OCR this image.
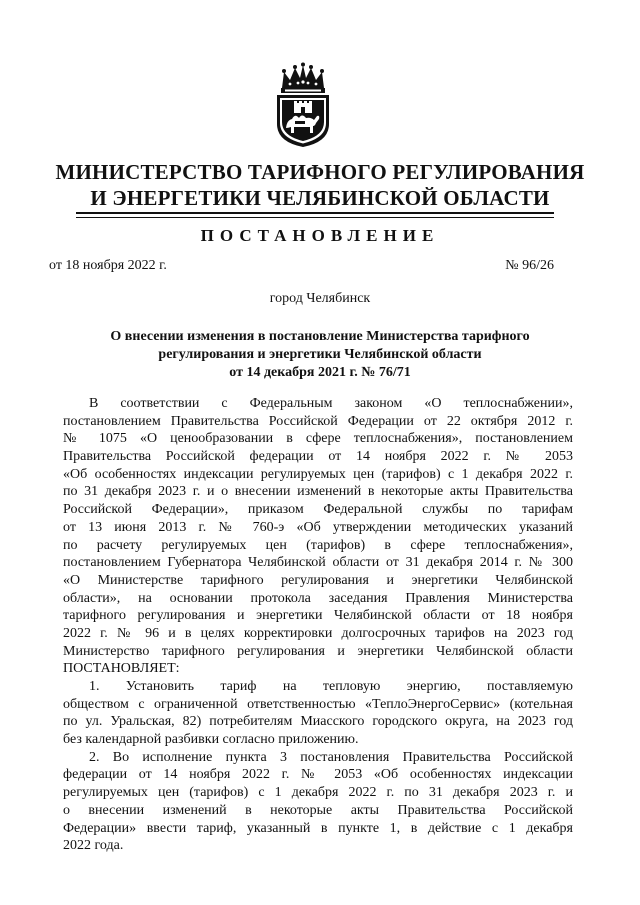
МИНИСТЕРСТВО ТАРИФНОГО РЕГУЛИРОВАНИЯ
И ЭНЕРГЕТИКИ ЧЕЛЯБИНСКОЙ ОБЛАСТИ
ПОСТАНОВЛЕНИЕ
от 18 ноября 2022 г.	№ 96/26
город Челябинск
О внесении изменения в постановление Министерства тарифного
регулирования и энергетики Челябинской области
от 14 декабря 2021 г. № 76/71
В соответствии с Федеральным законом «О теплоснабжении»,
постановлением Правительства Российской Федерации от 22 октября 2012 г.
№ 1075 «О ценообразовании в сфере теплоснабжения», постановлением
Правительства Российской федерации от 14 ноября 2022 г. № 2053
«Об особенностях индексации регулируемых цен (тарифов) с 1 декабря 2022 г.
по 31 декабря 2023 г. и о внесении изменений в некоторые акты Правительства
Российской Федерации», приказом Федеральной службы по тарифам
от 13 июня 2013 г. № 760-э «Об утверждении методических указаний
по расчету регулируемых цен (тарифов) в сфере теплоснабжения»,
постановлением Губернатора Челябинской области от 31 декабря 2014 г. № 300
«О Министерстве тарифного регулирования и энергетики Челябинской
области», на основании протокола заседания Правления Министерства
тарифного регулирования и энергетики Челябинской области от 18 ноября
2022 г. № 96 и в целях корректировки долгосрочных тарифов на 2023 год
Министерство тарифного регулирования и энергетики Челябинской области
ПОСТАНОВЛЯЕТ:
1. Установить тариф на тепловую энергию, поставляемую
обществом с ограниченной ответственностью «ТеплоЭнергоСервис» (котельная
по ул. Уральская, 82) потребителям Миасского городского округа, на 2023 год
без календарной разбивки согласно приложению.
2. Во исполнение пункта 3 постановления Правительства Российской
федерации от 14 ноября 2022 г. № 2053 «Об особенностях индексации
регулируемых цен (тарифов) с 1 декабря 2022 г. по 31 декабря 2023 г. и
о внесении изменений в некоторые акты Правительства Российской
Федерации» ввести тариф, указанный в пункте 1, в действие с 1 декабря
2022 года.
